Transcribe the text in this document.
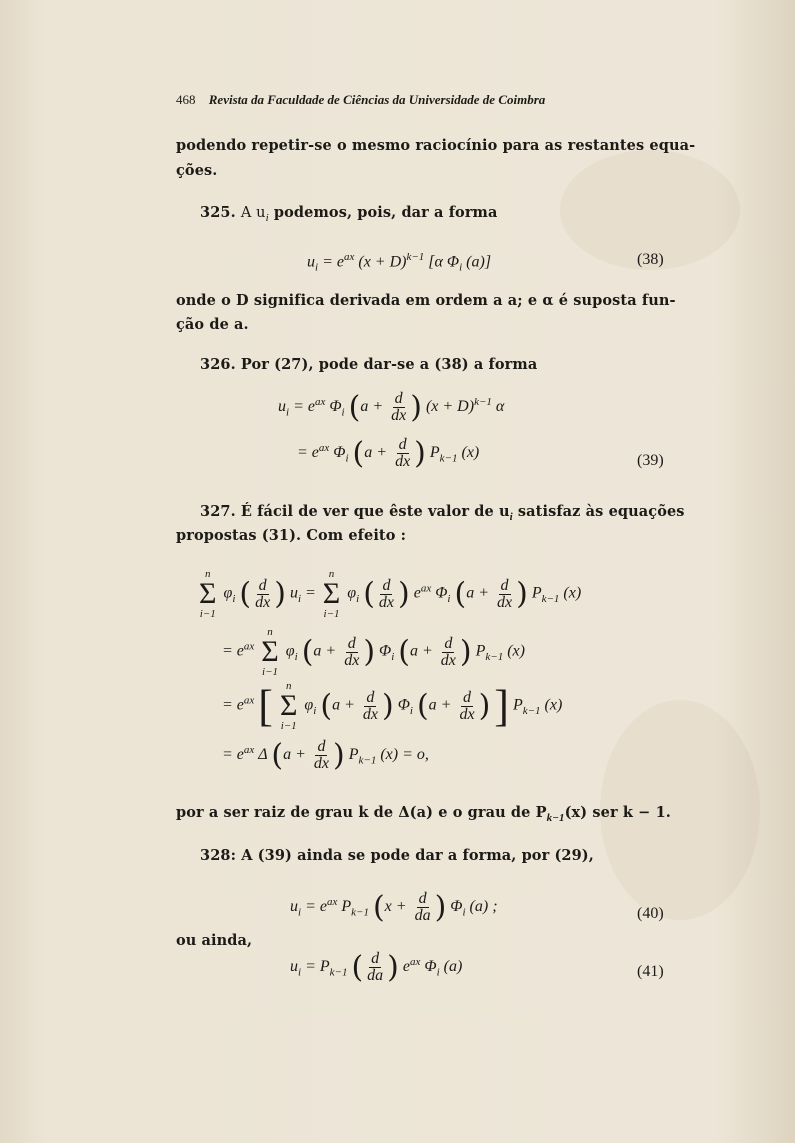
468 Revista da Faculdade de Ciências da Universidade de Coimbra
podendo repetir-se o mesmo raciocínio para as restantes equa-
ções.
325. A $u_i$ podemos, pois, dar a forma
$u_i = e^{ax}$ $(x + D)^{k-1}$ [α $\Phi_i$ (a)]	(38)
onde o D significa derivada em ordem a a; e α é suposta fun-
ção de a.
326. Por (27), pode dar-se a (38) a forma
$u_i = e^{ax}$ $\Phi_i$ ($a + \frac{d}{dx}$ ) $(x + D)^{k-1}$ α
= $e^{ax}$ $\Phi_i$ ($a + \frac{d}{dx}$ ) $P_{k-1}$ (x)	(39)
327. É fácil de ver que êste valor de $u_i$ satisfaz às equações
propostas (31). Com efeito :
n
Σ
i−1
$\varphi_i$ ( $\frac{d}{dx}$ ) $u_i$ =
n
Σ
i−1
$\varphi_i$ ( $\frac{d}{dx}$ ) $e^{ax}$ $\Phi_i$ ($a + \frac{d}{dx}$ ) $P_{k-1}$ (x)
= $e^{ax}$
n
Σ
i−1
$\varphi_i$ ($a + \frac{d}{dx}$ ) $\Phi_i$ ($a + \frac{d}{dx}$ ) $P_{k-1}$ (x)
= $e^{ax}$ [ n
Σ
i−1
$\varphi_i$ ($a + \frac{d}{dx}$ ) $\Phi_i$ ($a + \frac{d}{dx}$ ) ] $P_{k-1}$ (x)
= $e^{ax}$ Δ ($a + \frac{d}{dx}$ ) $P_{k-1}$ (x) = o,
por a ser raiz de grau k de Δ(a) e o grau de $P_{k-1}(x)$ ser k − 1.
328: A (39) ainda se pode dar a forma, por (29),
$u_i = e^{ax}$ $P_{k-1}$ ($x + \frac{d}{da}$ ) $\Phi_i$ (a) ;	(40)
ou ainda,
$u_i = P_{k-1}$ ( $\frac{d}{da}$ ) $e^{ax}$ $\Phi_i$ (a)	(41)
